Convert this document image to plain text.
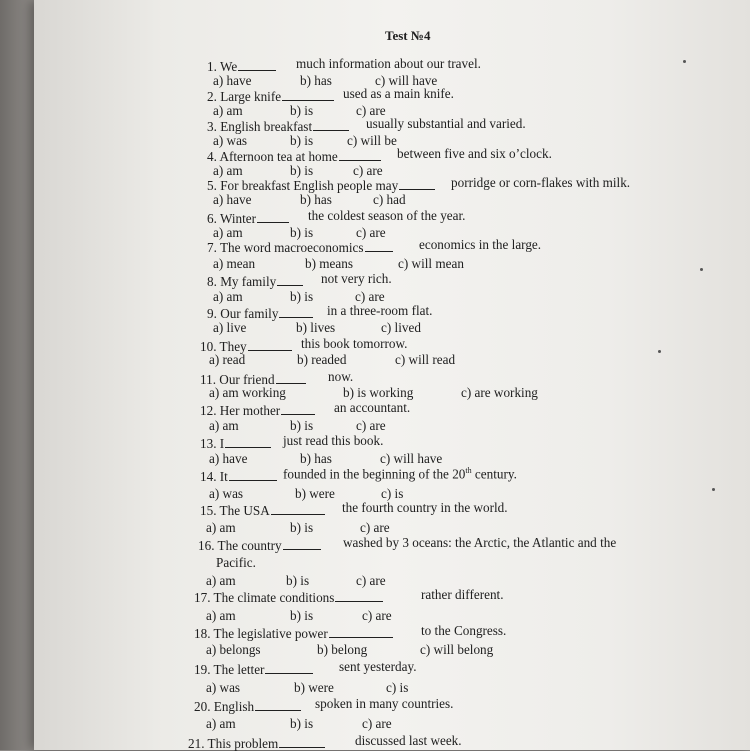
Test №4
1. We	much information about our travel.
a) have	b) has	c) will have
2. Large knife	used as a main knife.
a) am	b) is	c) are
3. English breakfast	usually substantial and varied.
a) was	b) is	c) will be
4. Afternoon tea at home	between five and six o’clock.
a) am	b) is	c) are
5. For breakfast English people may	porridge or corn-flakes with milk.
a) have	b) has	c) had
6. Winter	the coldest season of the year.
a) am	b) is	c) are
7. The word macroeconomics	economics in the large.
a) mean	b) means	c) will mean
8. My family	not very rich.
a) am	b) is	c) are
9. Our family	in a three-room flat.
a) live	b) lives	c) lived
10. They	this book tomorrow.
a) read	b) readed	c) will read
11. Our friend	now.
a) am working	b) is working	c) are working
12. Her mother	an accountant.
a) am	b) is	c) are
13. I	just read this book.
a) have	b) has	c) will have
14. It	founded in the beginning of the 20th century.
a) was	b) were	c) is
15. The USA	the fourth country in the world.
a) am	b) is	c) are
16. The country	washed by 3 oceans: the Arctic, the Atlantic and the
Pacific.
a) am	b) is	c) are
17. The climate conditions	rather different.
a) am	b) is	c) are
18. The legislative power	to the Congress.
a) belongs	b) belong	c) will belong
19. The letter	sent yesterday.
a) was	b) were	c) is
20. English	spoken in many countries.
a) am	b) is	c) are
21. This problem	discussed last week.
